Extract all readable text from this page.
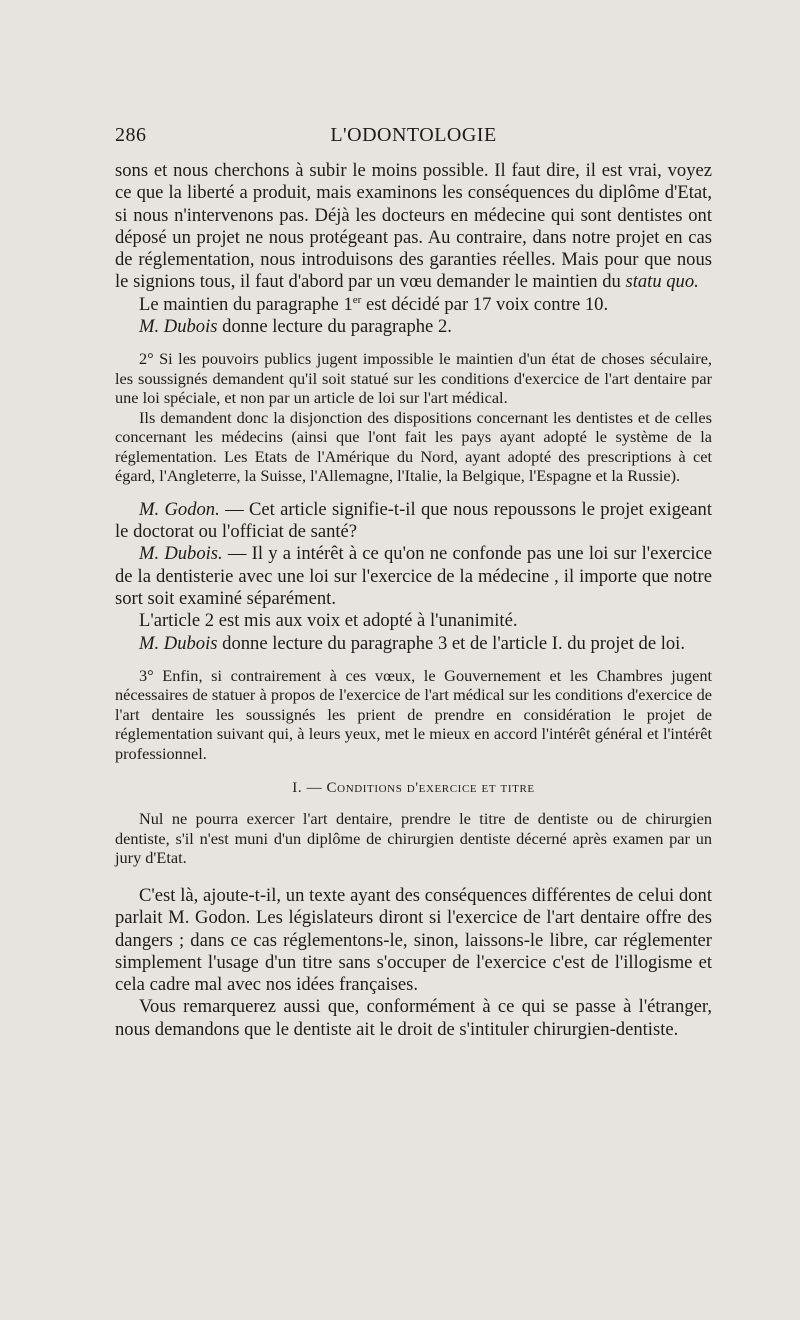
286	L'ODONTOLOGIE

sons et nous cherchons à subir le moins possible. Il faut dire, il est vrai, voyez ce que la liberté a produit, mais examinons les conséquences du diplôme d'Etat, si nous n'intervenons pas. Déjà les docteurs en médecine qui sont dentistes ont déposé un projet ne nous protégeant pas. Au contraire, dans notre projet en cas de réglementation, nous introduisons des garanties réelles. Mais pour que nous le signions tous, il faut d'abord par un vœu demander le maintien du statu quo.

Le maintien du paragraphe 1er est décidé par 17 voix contre 10.

M. Dubois donne lecture du paragraphe 2.

2° Si les pouvoirs publics jugent impossible le maintien d'un état de choses séculaire, les soussignés demandent qu'il soit statué sur les conditions d'exercice de l'art dentaire par une loi spéciale, et non par un article de loi sur l'art médical.

Ils demandent donc la disjonction des dispositions concernant les dentistes et de celles concernant les médecins (ainsi que l'ont fait les pays ayant adopté le système de la réglementation. Les Etats de l'Amérique du Nord, ayant adopté des prescriptions à cet égard, l'Angleterre, la Suisse, l'Allemagne, l'Italie, la Belgique, l'Espagne et la Russie).

M. Godon. — Cet article signifie-t-il que nous repoussons le projet exigeant le doctorat ou l'officiat de santé?

M. Dubois. — Il y a intérêt à ce qu'on ne confonde pas une loi sur l'exercice de la dentisterie avec une loi sur l'exercice de la médecine , il importe que notre sort soit examiné séparément.

L'article 2 est mis aux voix et adopté à l'unanimité.

M. Dubois donne lecture du paragraphe 3 et de l'article I. du projet de loi.

3° Enfin, si contrairement à ces vœux, le Gouvernement et les Chambres jugent nécessaires de statuer à propos de l'exercice de l'art médical sur les conditions d'exercice de l'art dentaire les soussignés les prient de prendre en considération le projet de réglementation suivant qui, à leurs yeux, met le mieux en accord l'intérêt général et l'intérêt professionnel.

I. — Conditions d'exercice et titre

Nul ne pourra exercer l'art dentaire, prendre le titre de dentiste ou de chirurgien dentiste, s'il n'est muni d'un diplôme de chirurgien dentiste décerné après examen par un jury d'Etat.

C'est là, ajoute-t-il, un texte ayant des conséquences différentes de celui dont parlait M. Godon. Les législateurs diront si l'exercice de l'art dentaire offre des dangers ; dans ce cas réglementons-le, sinon, laissons-le libre, car réglementer simplement l'usage d'un titre sans s'occuper de l'exercice c'est de l'illogisme et cela cadre mal avec nos idées françaises.

Vous remarquerez aussi que, conformément à ce qui se passe à l'étranger, nous demandons que le dentiste ait le droit de s'intituler chirurgien-dentiste.
